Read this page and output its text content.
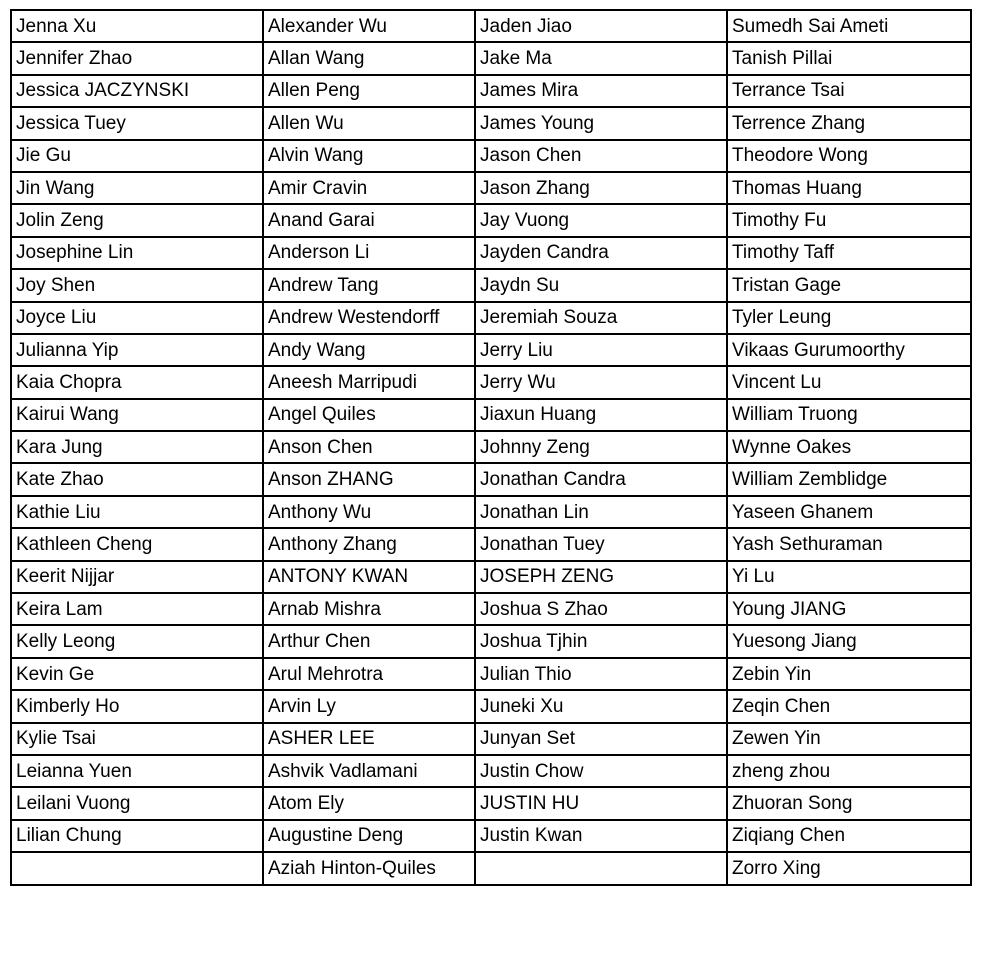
Jenna Xu	Alexander Wu	Jaden Jiao	Sumedh Sai Ameti
Jennifer Zhao	Allan Wang	Jake Ma	Tanish Pillai
Jessica JACZYNSKI	Allen Peng	James Mira	Terrance Tsai
Jessica Tuey	Allen Wu	James Young	Terrence Zhang
Jie Gu	Alvin Wang	Jason Chen	Theodore Wong
Jin Wang	Amir Cravin	Jason Zhang	Thomas Huang
Jolin Zeng	Anand Garai	Jay Vuong	Timothy Fu
Josephine Lin	Anderson Li	Jayden Candra	Timothy Taff
Joy Shen	Andrew Tang	Jaydn Su	Tristan Gage
Joyce Liu	Andrew Westendorff	Jeremiah Souza	Tyler Leung
Julianna Yip	Andy Wang	Jerry Liu	Vikaas Gurumoorthy
Kaia Chopra	Aneesh Marripudi	Jerry Wu	Vincent Lu
Kairui Wang	Angel Quiles	Jiaxun Huang	William Truong
Kara Jung	Anson Chen	Johnny Zeng	Wynne Oakes
Kate Zhao	Anson ZHANG	Jonathan Candra	William Zemblidge
Kathie Liu	Anthony Wu	Jonathan Lin	Yaseen Ghanem
Kathleen Cheng	Anthony Zhang	Jonathan Tuey	Yash Sethuraman
Keerit Nijjar	ANTONY KWAN	JOSEPH ZENG	Yi Lu
Keira Lam	Arnab Mishra	Joshua S Zhao	Young JIANG
Kelly Leong	Arthur Chen	Joshua Tjhin	Yuesong Jiang
Kevin Ge	Arul Mehrotra	Julian Thio	Zebin Yin
Kimberly Ho	Arvin Ly	Juneki Xu	Zeqin Chen
Kylie Tsai	ASHER LEE	Junyan Set	Zewen Yin
Leianna Yuen	Ashvik Vadlamani	Justin Chow	zheng zhou
Leilani Vuong	Atom Ely	JUSTIN HU	Zhuoran Song
Lilian Chung	Augustine Deng	Justin Kwan	Ziqiang Chen
	Aziah Hinton-Quiles		Zorro Xing
